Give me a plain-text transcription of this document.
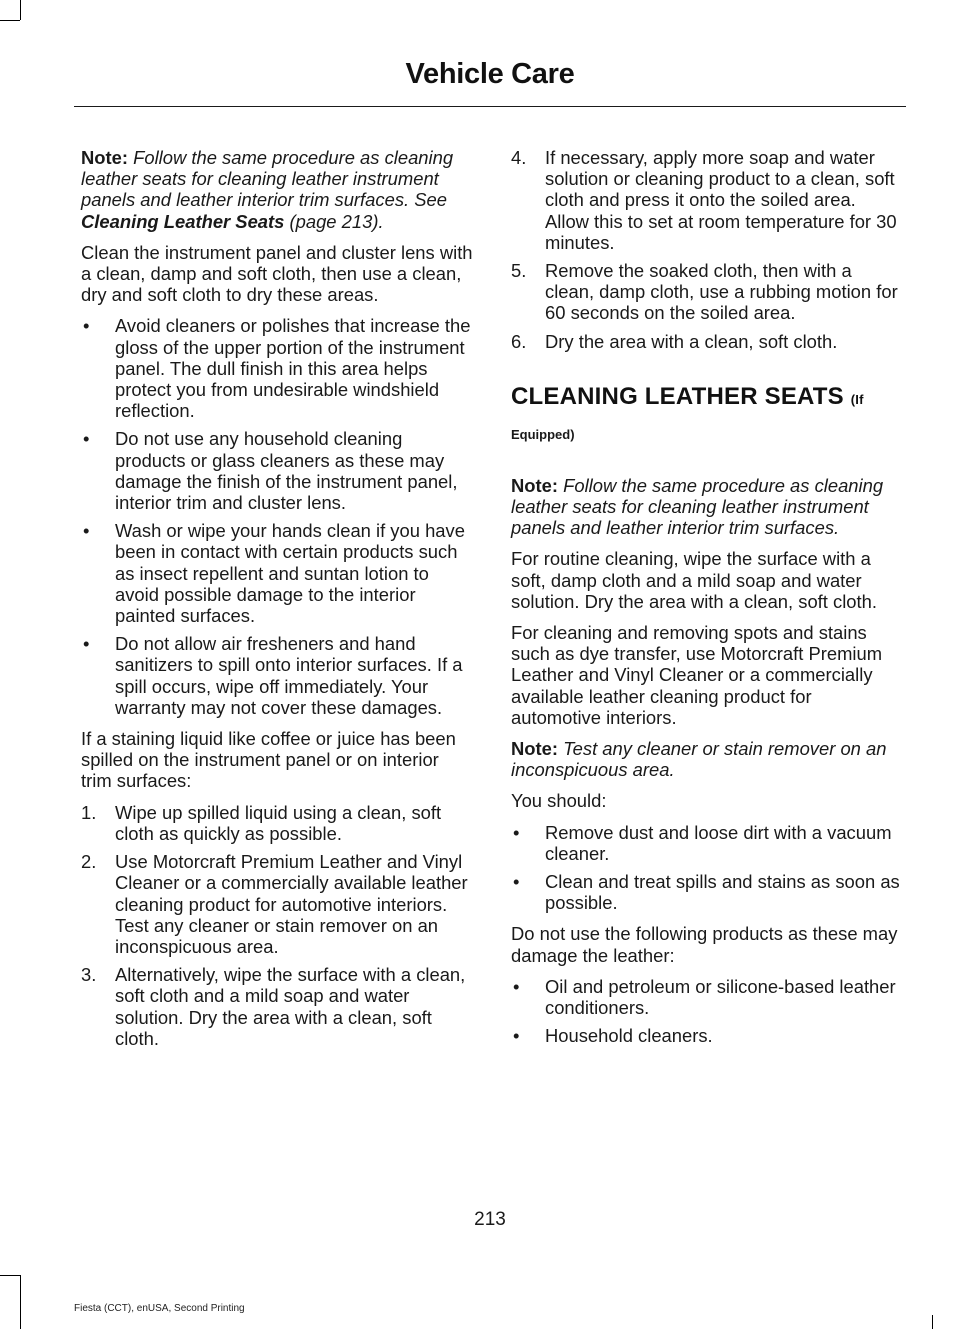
Vehicle Care

Note: Follow the same procedure as cleaning leather seats for cleaning leather instrument panels and leather interior trim surfaces. See Cleaning Leather Seats (page 213).

Clean the instrument panel and cluster lens with a clean, damp and soft cloth, then use a clean, dry and soft cloth to dry these areas.

• Avoid cleaners or polishes that increase the gloss of the upper portion of the instrument panel. The dull finish in this area helps protect you from undesirable windshield reflection.
• Do not use any household cleaning products or glass cleaners as these may damage the finish of the instrument panel, interior trim and cluster lens.
• Wash or wipe your hands clean if you have been in contact with certain products such as insect repellent and suntan lotion to avoid possible damage to the interior painted surfaces.
• Do not allow air fresheners and hand sanitizers to spill onto interior surfaces. If a spill occurs, wipe off immediately. Your warranty may not cover these damages.

If a staining liquid like coffee or juice has been spilled on the instrument panel or on interior trim surfaces:

1. Wipe up spilled liquid using a clean, soft cloth as quickly as possible.
2. Use Motorcraft Premium Leather and Vinyl Cleaner or a commercially available leather cleaning product for automotive interiors. Test any cleaner or stain remover on an inconspicuous area.
3. Alternatively, wipe the surface with a clean, soft cloth and a mild soap and water solution. Dry the area with a clean, soft cloth.
4. If necessary, apply more soap and water solution or cleaning product to a clean, soft cloth and press it onto the soiled area. Allow this to set at room temperature for 30 minutes.
5. Remove the soaked cloth, then with a clean, damp cloth, use a rubbing motion for 60 seconds on the soiled area.
6. Dry the area with a clean, soft cloth.
CLEANING LEATHER SEATS (If
Equipped)

Note: Follow the same procedure as cleaning leather seats for cleaning leather instrument panels and leather interior trim surfaces.

For routine cleaning, wipe the surface with a soft, damp cloth and a mild soap and water solution. Dry the area with a clean, soft cloth.

For cleaning and removing spots and stains such as dye transfer, use Motorcraft Premium Leather and Vinyl Cleaner or a commercially available leather cleaning product for automotive interiors.

Note: Test any cleaner or stain remover on an inconspicuous area.

You should:

• Remove dust and loose dirt with a vacuum cleaner.
• Clean and treat spills and stains as soon as possible.

Do not use the following products as these may damage the leather:

• Oil and petroleum or silicone-based leather conditioners.
• Household cleaners.
213
Fiesta (CCT), enUSA, Second Printing
